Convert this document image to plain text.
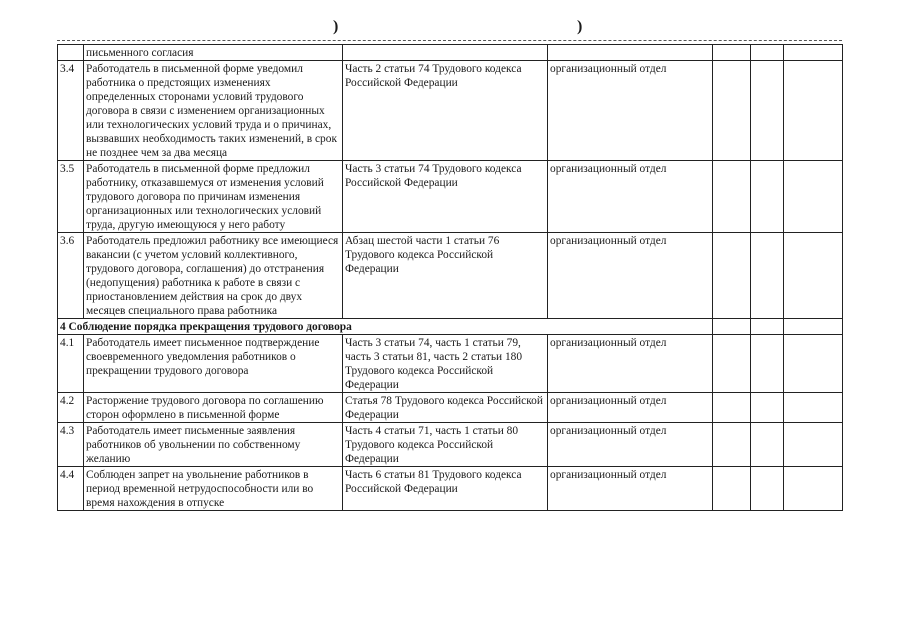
)	)
	письменного согласия					
3.4	Работодатель в письменной форме уведомил работника о предстоящих изменениях определенных сторонами условий трудового договора в связи с изменением организационных или технологических условий труда и о причинах, вызвавших необходимость таких изменений, в срок не позднее чем за два месяца	Часть 2 статьи 74 Трудового кодекса Российской Федерации	организационный отдел			
3.5	Работодатель в письменной форме предложил работнику, отказавшемуся от изменения условий трудового договора по причинам изменения организационных или технологических условий труда, другую имеющуюся у него работу	Часть 3 статьи 74 Трудового кодекса Российской Федерации	организационный отдел			
3.6	Работодатель предложил работнику все имеющиеся вакансии (с учетом условий коллективного, трудового договора, соглашения) до отстранения (недопущения) работника к работе в связи с приостановлением действия на срок до двух месяцев специального права работника	Абзац шестой части 1 статьи 76 Трудового кодекса Российской Федерации	организационный отдел			
4 Соблюдение порядка прекращения трудового договора						
4.1	Работодатель имеет письменное подтверждение своевременного уведомления работников о прекращении трудового договора	Часть 3 статьи 74, часть 1 статьи 79, часть 3 статьи 81, часть 2 статьи 180 Трудового кодекса Российской Федерации	организационный отдел			
4.2	Расторжение трудового договора по соглашению сторон оформлено в письменной форме	Статья 78 Трудового кодекса Российской Федерации	организационный отдел			
4.3	Работодатель имеет письменные заявления работников об увольнении по собственному желанию	Часть 4 статьи 71, часть 1 статьи 80 Трудового кодекса Российской Федерации	организационный отдел			
4.4	Соблюден запрет на увольнение работников в период временной нетрудоспособности или во время нахождения в отпуске	Часть 6 статьи 81 Трудового кодекса Российской Федерации	организационный отдел			
